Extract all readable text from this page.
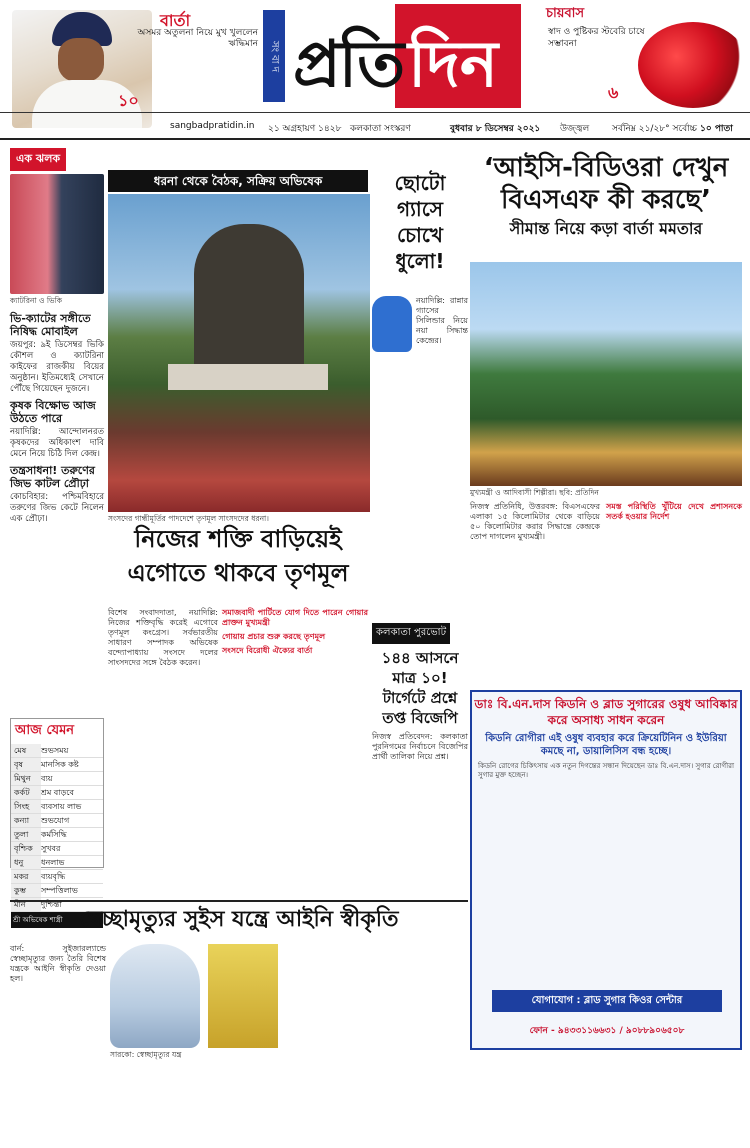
বার্তা
অসমর অতুলনা নিয়ে মুখ খুললেন ঋদ্ধিমান
১০
সং বা দ প্রতি দিন
চায়বাস
স্বাদ ও পুষ্টিকর স্টবেরি চাষে সম্ভাবনা
৬
sangbadpratidin.in ২১ অগ্রহায়ণ ১৪২৮ কলকাতা সংস্করণ	বুধবার ৮ ডিসেম্বর ২০২১ উজ্জ্বল	সর্বনিম্ন ২১/২৮° সর্বোচ্চ ১০ পাতা
এক ঝলক
ক্যাটরিনা ও ভিকি
ভি-ক্যাটের সঙ্গীতে নিষিদ্ধ মোবাইল

জয়পুর: ৯ই ডিসেম্বর ভিকি কৌশল ও ক্যাটরিনা কাইফের রাজকীয় বিয়ের অনুষ্ঠান। ইতিমধ্যেই সেখানে পৌঁছে গিয়েছেন দুজনে।

কৃষক বিক্ষোভ আজ উঠতে পারে

নয়াদিল্লি: আন্দোলনরত কৃষকদের অধিকাংশ দাবি মেনে নিয়ে চিঠি দিল কেন্দ্র।

তন্ত্রসাধনা! তরুণের জিভ কাটল প্রৌঢ়া

কোচবিহার: পশ্চিমবিহারে তরুণের জিভ কেটে নিলেন এক প্রৌঢ়া।

আজ যেমন
মেষ	শুভসময়
বৃষ	মানসিক কষ্ট
মিথুন	ব্যয়
কর্কট	শ্রম বাড়বে
সিংহ	ব্যবসায় লাভ
কন্যা	শুভযোগ
তুলা	কর্মসিদ্ধি
বৃশ্চিক	সুখবর
ধনু	ধনলাভ
মকর	ব্যয়বৃদ্ধি
কুম্ভ	সম্পত্তিলাভ
মীন	দুশ্চিন্তা
শ্রী অভিষেক শাস্ত্রী
ধরনা থেকে বৈঠক, সক্রিয় অভিষেক
সংসদের গান্ধীমূর্তির পাদদেশে তৃণমূল সাংসদদের ধরনা।
নিজের শক্তি বাড়িয়েই এগোতে থাকবে তৃণমূল
বিশেষ সংবাদদাতা, নয়াদিল্লি: নিজের শক্তিবৃদ্ধি করেই এগোবে তৃণমূল কংগ্রেস। সর্বভারতীয় সাধারণ সম্পাদক অভিষেক বন্দ্যোপাধ্যায় সংসদে দলের সাংসদদের সঙ্গে বৈঠক করেন।
সমাজবাদী পার্টিতে যোগ দিতে পারেন গোয়ার প্রাক্তন মুখ্যমন্ত্রী
গোয়ায় প্রচার শুরু করছে তৃণমূল
সংসদে বিরোধী ঐক্যের বার্তা
ছোটো গ্যাসে চোখে ধুলো!
নয়াদিল্লি: রান্নার গ্যাসের সিলিন্ডার নিয়ে নয়া সিদ্ধান্ত কেন্দ্রের।
কলকাতা পুরভোট
১৪৪ আসনে মাত্র ১০! টার্গেটে প্রশ্নে তপ্ত বিজেপি
নিজস্ব প্রতিবেদন: কলকাতা পুরনিগমের নির্বাচনে বিজেপির প্রার্থী তালিকা নিয়ে প্রশ্ন।
‘আইসি-বিডিওরা দেখুন বিএসএফ কী করছে’
সীমান্ত নিয়ে কড়া বার্তা মমতার
মুখ্যমন্ত্রী ও আদিবাসী শিল্পীরা। ছবি: প্রতিদিন
নিজস্ব প্রতিনিধি, উত্তরবঙ্গ: বিএসএফের এলাকা ১৫ কিলোমিটার থেকে বাড়িয়ে ৫০ কিলোমিটার করার সিদ্ধান্তে কেন্দ্রকে তোপ দাগলেন মুখ্যমন্ত্রী।
সমস্ত পরিস্থিতি খুঁটিয়ে দেখে প্রশাসনকে সতর্ক হওয়ার নির্দেশ
ডাঃ বি.এন.দাস কিডনি ও ব্লাড সুগারের ওষুধ আবিষ্কার করে অসাধ্য সাধন করেন
কিডনি রোগীরা এই ওষুধ ব্যবহার করে ক্রিয়েটিনিন ও ইউরিয়া কমছে না, ডায়ালিসিস বন্ধ হচ্ছে।
কিডনি রোগের চিকিৎসায় এক নতুন দিগন্তের সন্ধান দিয়েছেন ডাঃ বি.এন.দাস। সুগার রোগীরা সুগার মুক্ত হচ্ছেন।
যোগাযোগ : ব্লাড সুগার কিওর সেন্টার
ফোন - ৯৪৩৩১১৬৬৩১ / ৯০৮৮৯০৬৫০৮
স্বেচ্ছামৃত্যুর সুইস যন্ত্রে আইনি স্বীকৃতি
বার্ন: সুইজারল্যান্ডে স্বেচ্ছামৃত্যুর জন্য তৈরি বিশেষ যন্ত্রকে আইনি স্বীকৃতি দেওয়া হল।
সারকো: স্বেচ্ছামৃত্যুর যন্ত্র
